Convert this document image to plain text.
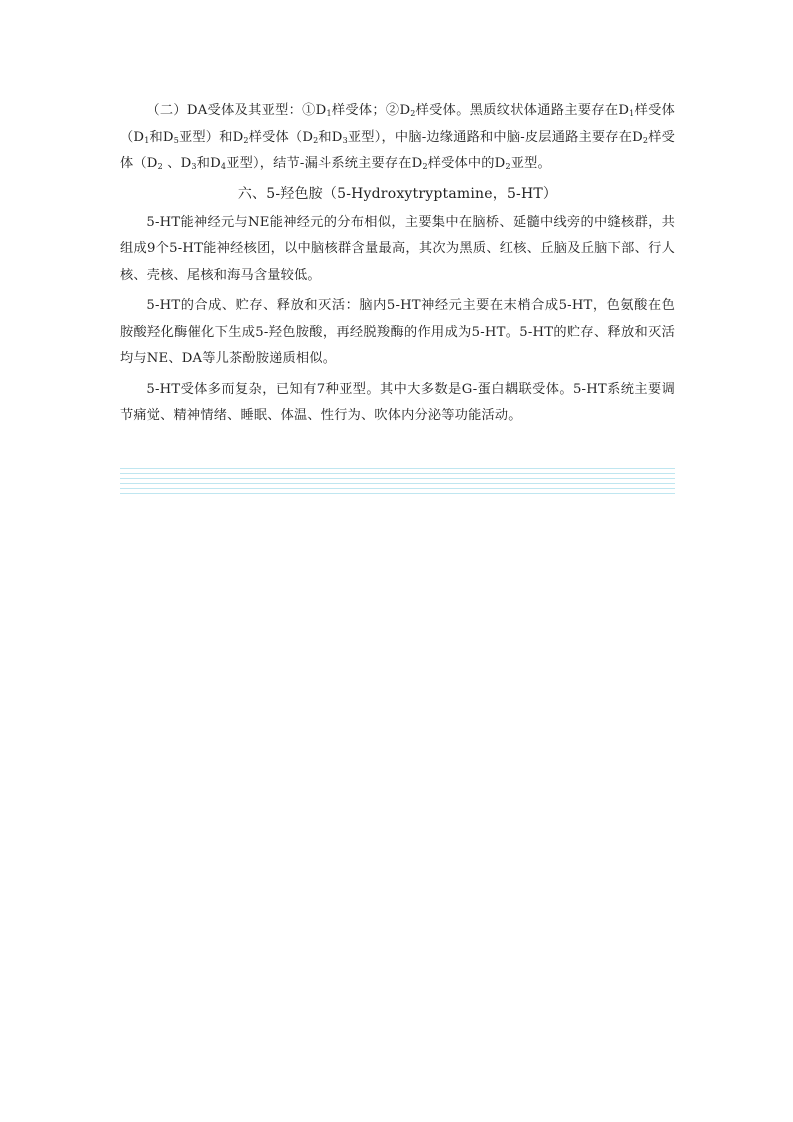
（二）DA受体及其亚型：$①D_1$样受体；$②D_2$样受体。黑质纹状体通路主要存在$D_1$样受体（$D_1$和$D_5$亚型）和$D_2$样受体（$D_2$和$D_3$亚型），中脑-边缘通路和中脑-皮层通路主要存在$D_2$样受体（$D_2$ 、$D_3$和$D_4$亚型），结节-漏斗系统主要存在$D_2$样受体中的$D_2$亚型。

六、5-羟色胺（5-Hydroxytryptamine，5-HT）

5-HT能神经元与NE能神经元的分布相似，主要集中在脑桥、延髓中线旁的中缝核群，共组成9个5-HT能神经核团，以中脑核群含量最高，其次为黑质、红核、丘脑及丘脑下部、行人核、壳核、尾核和海马含量较低。

5-HT的合成、贮存、释放和灭活：脑内5-HT神经元主要在末梢合成5-HT，色氨酸在色胺酸羟化酶催化下生成5-羟色胺酸，再经脱羧酶的作用成为5-HT。5-HT的贮存、释放和灭活均与NE、DA等儿茶酚胺递质相似。

5-HT受体多而复杂，已知有7种亚型。其中大多数是G-蛋白耦联受体。5-HT系统主要调节痛觉、精神情绪、睡眠、体温、性行为、吹体内分泌等功能活动。
